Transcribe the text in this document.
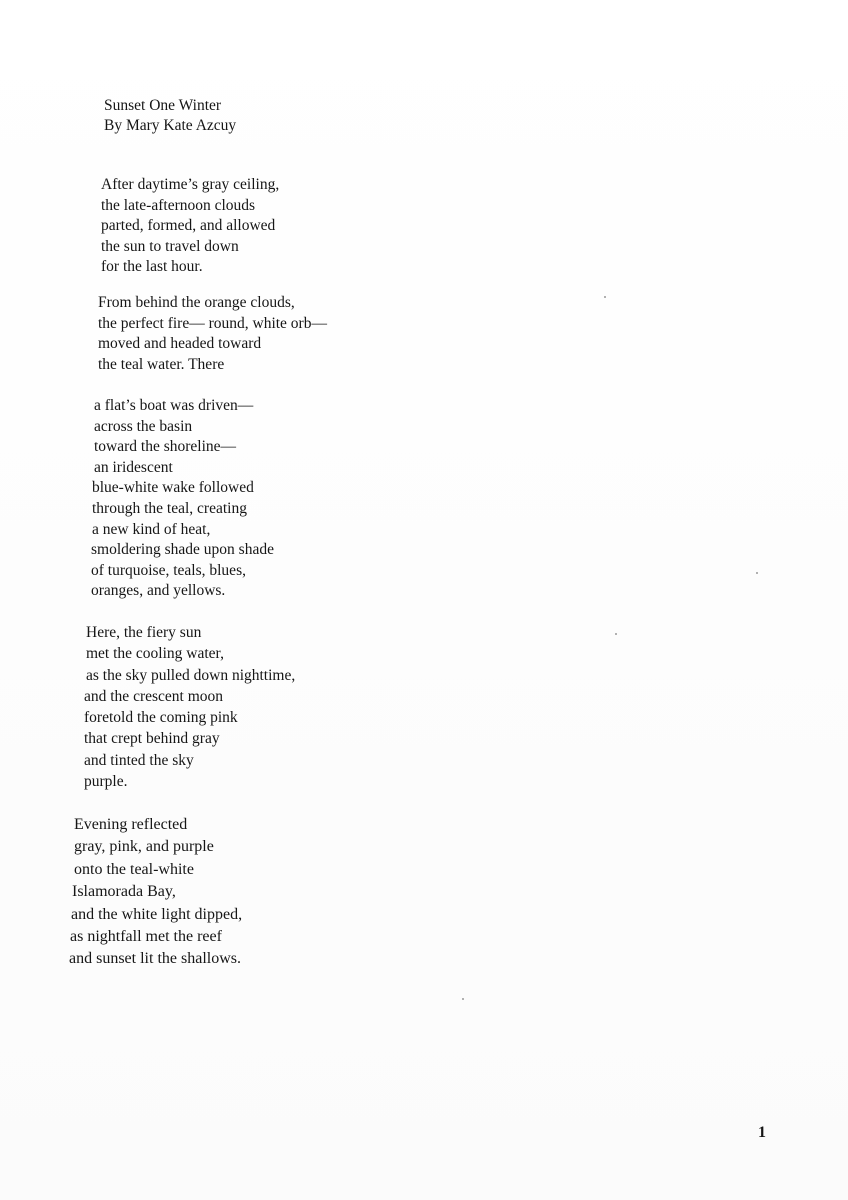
Sunset One Winter
By Mary Kate Azcuy
After daytime’s gray ceiling,
the late-afternoon clouds
parted, formed, and allowed
the sun to travel down
for the last hour.
From behind the orange clouds,
the perfect fire— round, white orb—
moved and headed toward
the teal water. There
a flat’s boat was driven—
across the basin
toward the shoreline—
an iridescent
blue-white wake followed
through the teal, creating
a new kind of heat,
smoldering shade upon shade
of turquoise, teals, blues,
oranges, and yellows.
Here, the fiery sun
met the cooling water,
as the sky pulled down nighttime,
and the crescent moon
foretold the coming pink
that crept behind gray
and tinted the sky
purple.
Evening reflected
gray, pink, and purple
onto the teal-white
Islamorada Bay,
and the white light dipped,
as nightfall met the reef
and sunset lit the shallows.
1
